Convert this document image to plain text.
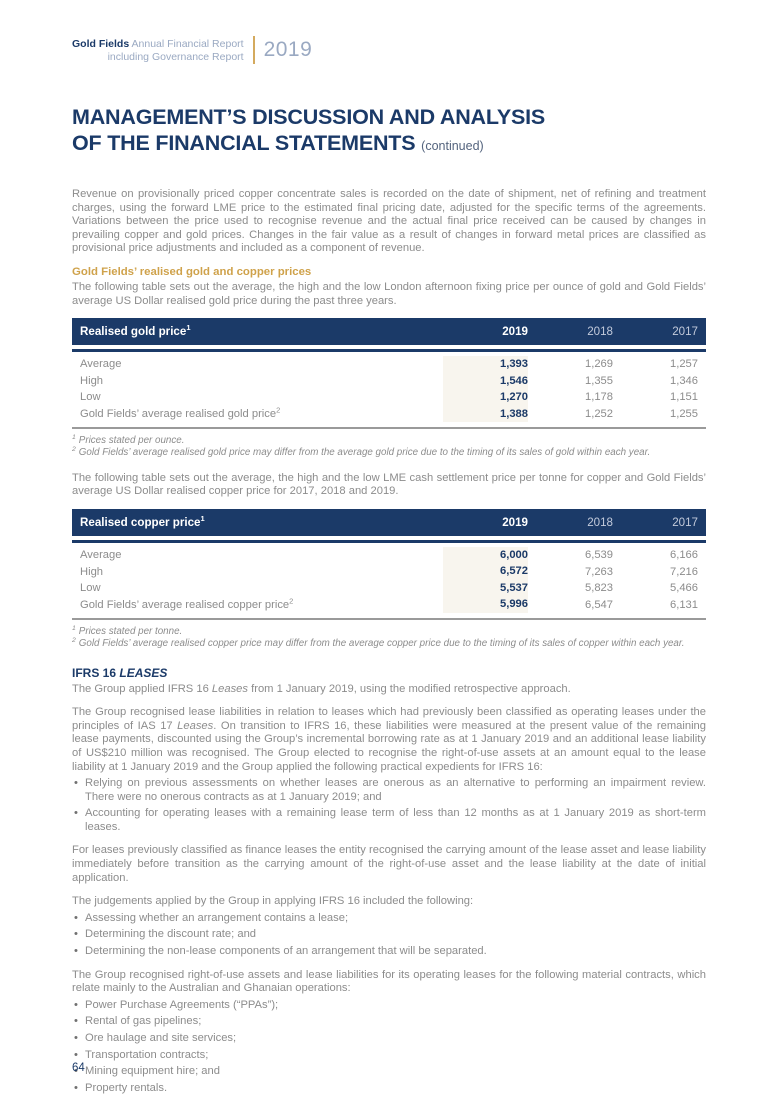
Gold Fields Annual Financial Report
including Governance Report 2019
MANAGEMENT’S DISCUSSION AND ANALYSIS
OF THE FINANCIAL STATEMENTS (continued)

Revenue on provisionally priced copper concentrate sales is recorded on the date of shipment, net of refining and treatment charges, using the forward LME price to the estimated final pricing date, adjusted for the specific terms of the agreements. Variations between the price used to recognise revenue and the actual final price received can be caused by changes in prevailing copper and gold prices. Changes in the fair value as a result of changes in forward metal prices are classified as provisional price adjustments and included as a component of revenue.

Gold Fields’ realised gold and copper prices

The following table sets out the average, the high and the low London afternoon fixing price per ounce of gold and Gold Fields’ average US Dollar realised gold price during the past three years.

Realised gold price$^1$	2019	2018	2017
Average	1,393	1,269	1,257
High	1,546	1,355	1,346
Low	1,270	1,178	1,151
Gold Fields’ average realised gold price$^2$	1,388	1,252	1,255
$^1$ Prices stated per ounce.
$^2$ Gold Fields’ average realised gold price may differ from the average gold price due to the timing of its sales of gold within each year.

The following table sets out the average, the high and the low LME cash settlement price per tonne for copper and Gold Fields’ average US Dollar realised copper price for 2017, 2018 and 2019.

Realised copper price$^1$	2019	2018	2017
Average	6,000	6,539	6,166
High	6,572	7,263	7,216
Low	5,537	5,823	5,466
Gold Fields’ average realised copper price$^2$	5,996	6,547	6,131
$^1$ Prices stated per tonne.
$^2$ Gold Fields’ average realised copper price may differ from the average copper price due to the timing of its sales of copper within each year.
IFRS 16 LEASES

The Group applied IFRS 16 Leases from 1 January 2019, using the modified retrospective approach.

The Group recognised lease liabilities in relation to leases which had previously been classified as operating leases under the principles of IAS 17 Leases. On transition to IFRS 16, these liabilities were measured at the present value of the remaining lease payments, discounted using the Group’s incremental borrowing rate as at 1 January 2019 and an additional lease liability of US$210 million was recognised. The Group elected to recognise the right-of-use assets at an amount equal to the lease liability at 1 January 2019 and the Group applied the following practical expedients for IFRS 16:

• Relying on previous assessments on whether leases are onerous as an alternative to performing an impairment review. There were no onerous contracts as at 1 January 2019; and
• Accounting for operating leases with a remaining lease term of less than 12 months as at 1 January 2019 as short-term leases.

For leases previously classified as finance leases the entity recognised the carrying amount of the lease asset and lease liability immediately before transition as the carrying amount of the right-of-use asset and the lease liability at the date of initial application.

The judgements applied by the Group in applying IFRS 16 included the following:

• Assessing whether an arrangement contains a lease;
• Determining the discount rate; and
• Determining the non-lease components of an arrangement that will be separated.

The Group recognised right-of-use assets and lease liabilities for its operating leases for the following material contracts, which relate mainly to the Australian and Ghanaian operations:

• Power Purchase Agreements (“PPAs”);
• Rental of gas pipelines;
• Ore haulage and site services;
• Transportation contracts;
• Mining equipment hire; and
• Property rentals.
64
